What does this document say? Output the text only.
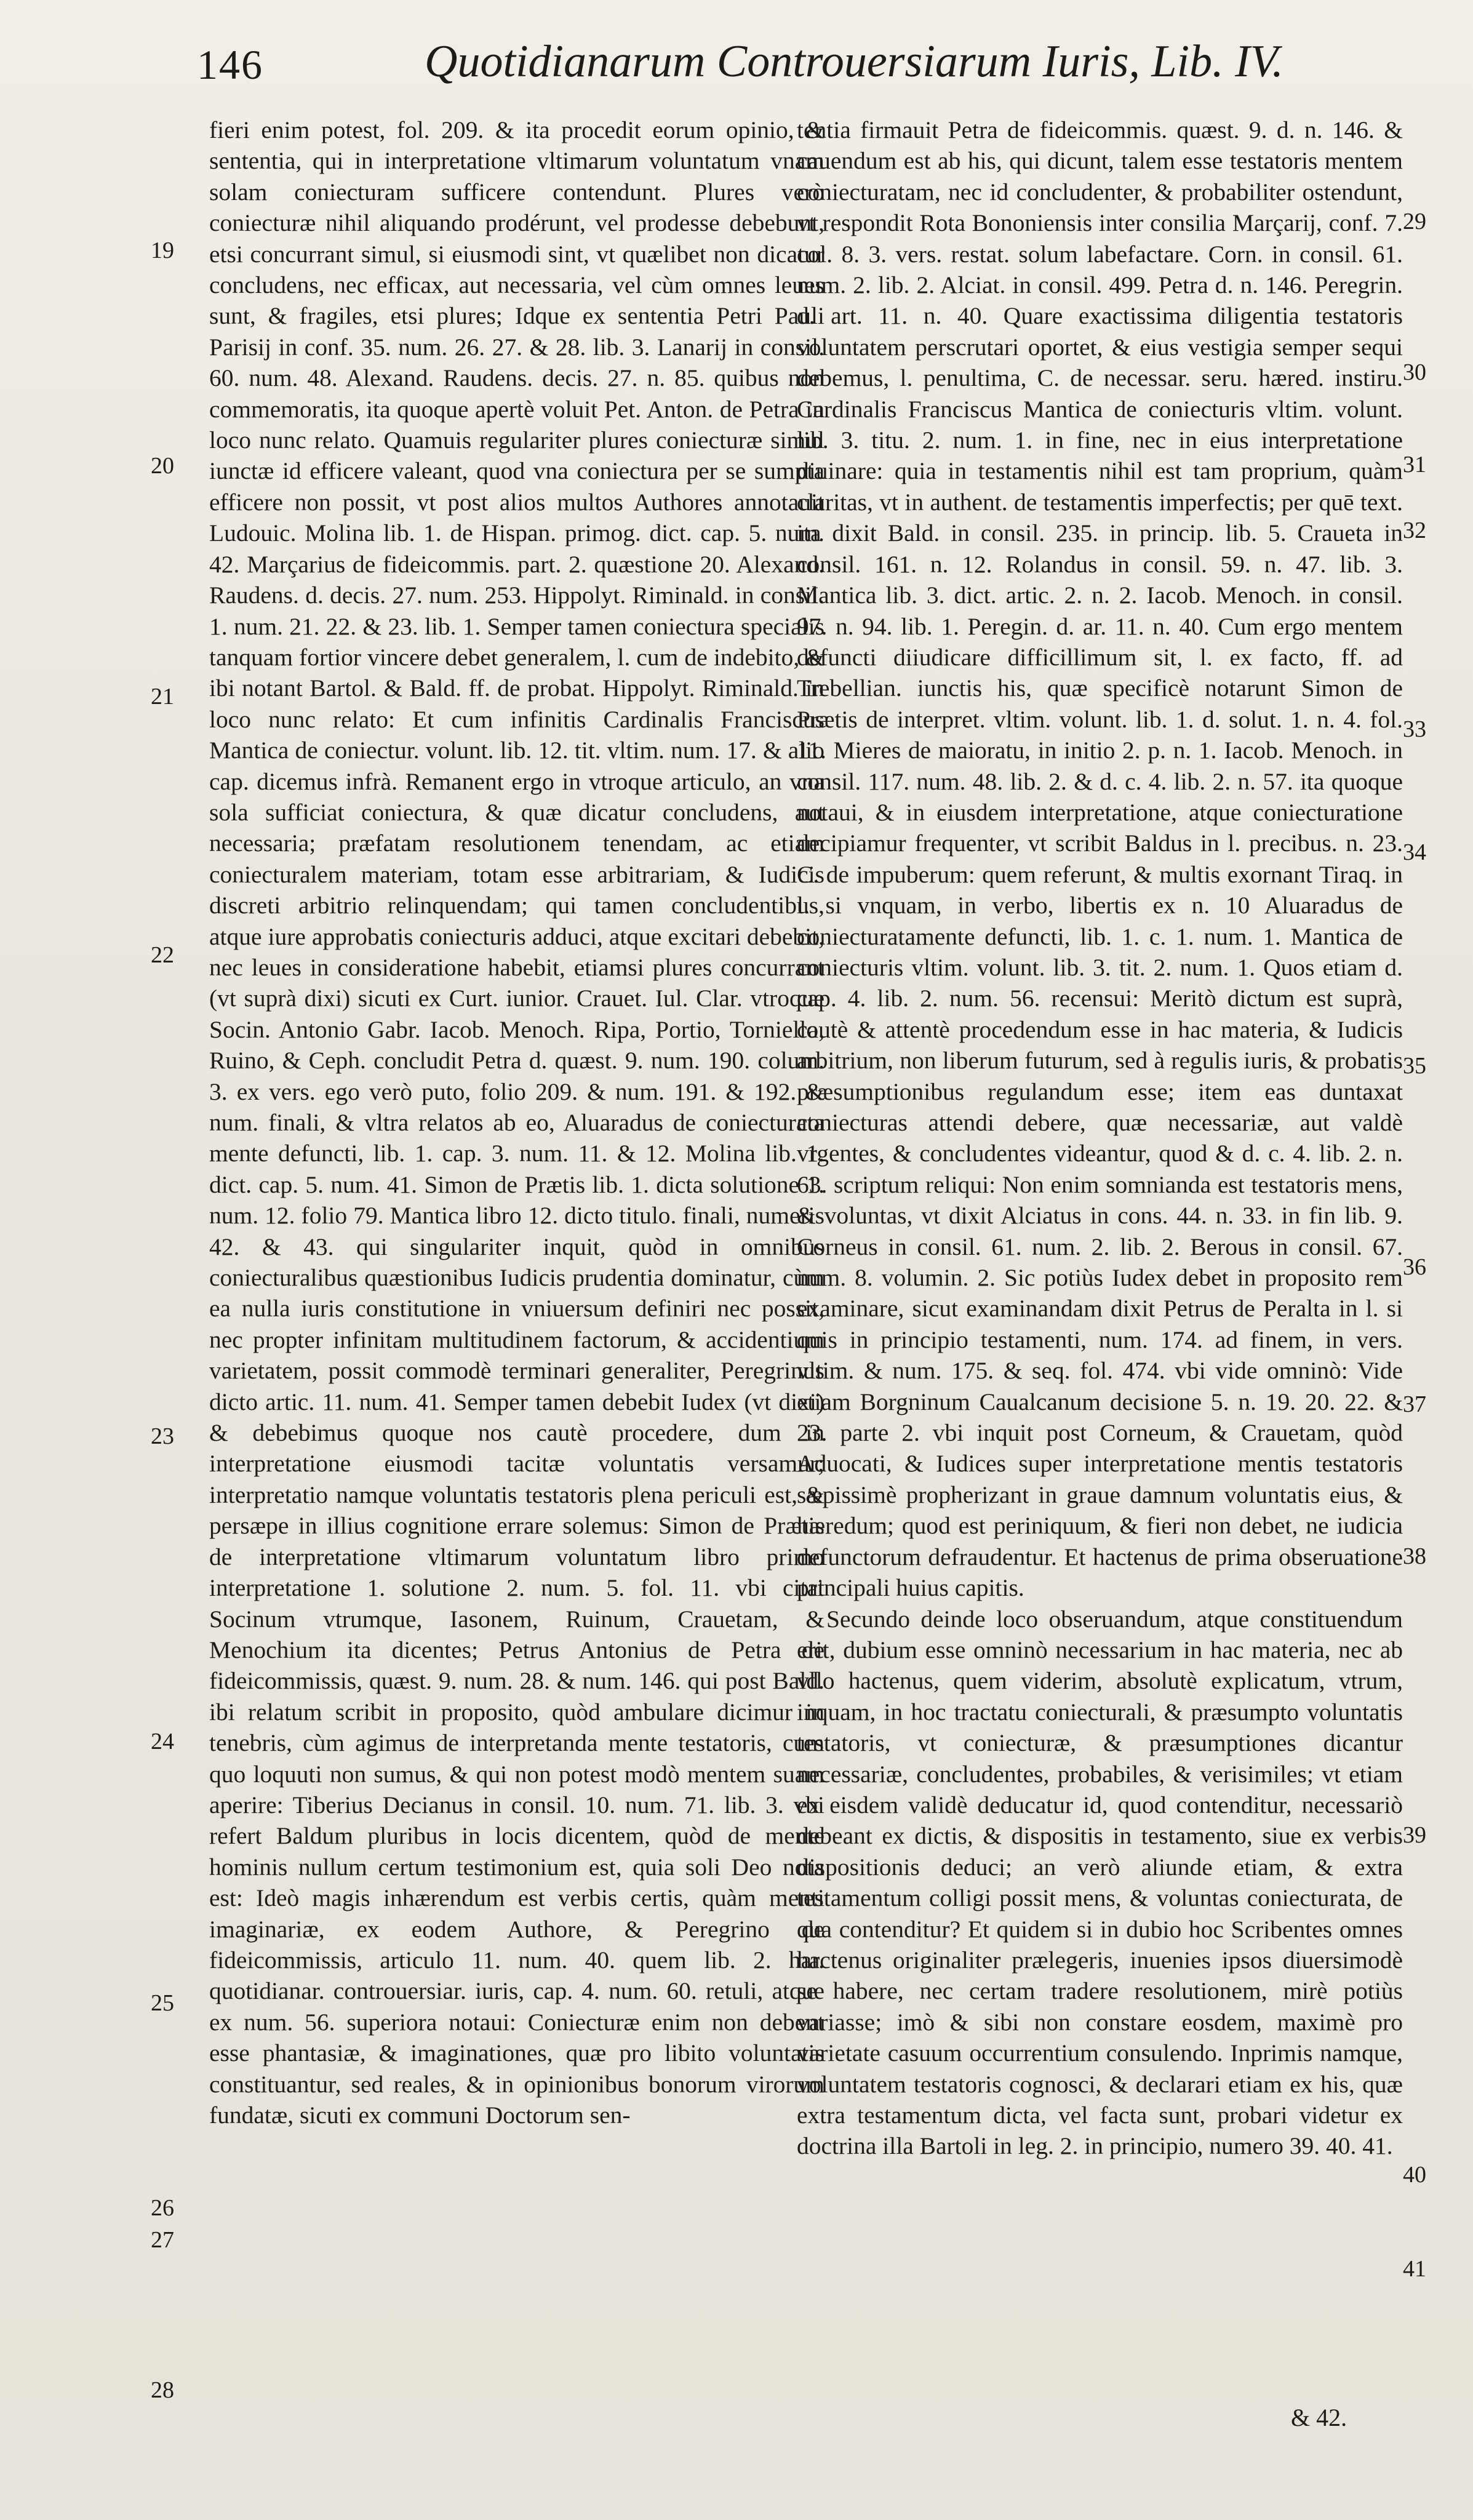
146	Quotidianarum Controuersiarum Iuris, Lib. IV.
19
20
21
22
23
24
25
26
27
28

fieri enim potest, fol. 209. & ita procedit eorum opinio, & sententia, qui in interpretatione vltimarum voluntatum vnam solam coniecturam sufficere contendunt. Plures verò coniecturæ nihil aliquando prodérunt, vel prodesse debebunt, etsi concurrant simul, si eiusmodi sint, vt quælibet non dicatur concludens, nec efficax, aut necessaria, vel cùm omnes leues sunt, & fragiles, etsi plures; Idque ex sententia Petri Pauli Parisij in conf. 35. num. 26. 27. & 28. lib. 3. Lanarij in consil. 60. num. 48. Alexand. Raudens. decis. 27. n. 85. quibus non commemoratis, ita quoque apertè voluit Pet. Anton. de Petra in loco nunc relato. Quamuis regulariter plures coniecturæ simul iunctæ id efficere valeant, quod vna coniectura per se sumpta efficere non possit, vt post alios multos Authores annotauit Ludouic. Molina lib. 1. de Hispan. primog. dict. cap. 5. num. 42. Marçarius de fideicommis. part. 2. quæstione 20. Alexand. Raudens. d. decis. 27. num. 253. Hippolyt. Riminald. in consil. 1. num. 21. 22. & 23. lib. 1. Semper tamen coniectura specialis tanquam fortior vincere debet generalem, l. cum de indebito, & ibi notant Bartol. & Bald. ff. de probat. Hippolyt. Riminald. in loco nunc relato: Et cum infinitis Cardinalis Franciscus Mantica de coniectur. volunt. lib. 12. tit. vltim. num. 17. & alio cap. dicemus infrà. Remanent ergo in vtroque articulo, an vna sola sufficiat coniectura, & quæ dicatur concludens, aut necessaria; præfatam resolutionem tenendam, ac etiam coniecturalem materiam, totam esse arbitrariam, & Iudicis discreti arbitrio relinquendam; qui tamen concludentibus, atque iure approbatis coniecturis adduci, atque excitari debebit, nec leues in consideratione habebit, etiamsi plures concurrant (vt suprà dixi) sicuti ex Curt. iunior. Crauet. Iul. Clar. vtroque Socin. Antonio Gabr. Iacob. Menoch. Ripa, Portio, Torniello, Ruino, & Ceph. concludit Petra d. quæst. 9. num. 190. colum. 3. ex vers. ego verò puto, folio 209. & num. 191. & 192. & num. finali, & vltra relatos ab eo, Aluaradus de coniecturata mente defuncti, lib. 1. cap. 3. num. 11. & 12. Molina lib. 1. dict. cap. 5. num. 41. Simon de Prætis lib. 1. dicta solutione 1. num. 12. folio 79. Mantica libro 12. dicto titulo. finali, numeris 42. & 43. qui singulariter inquit, quòd in omnibus coniecturalibus quæstionibus Iudicis prudentia dominatur, cùm ea nulla iuris constitutione in vniuersum definiri nec possit, nec propter infinitam multitudinem factorum, & accidentium varietatem, possit commodè terminari generaliter, Peregrinus dicto artic. 11. num. 41. Semper tamen debebit Iudex (vt dixi) & debebimus quoque nos cautè procedere, dum in interpretatione eiusmodi tacitæ voluntatis versamur; interpretatio namque voluntatis testatoris plena periculi est, & persæpe in illius cognitione errare solemus: Simon de Prætis de interpretatione vltimarum voluntatum libro primo interpretatione 1. solutione 2. num. 5. fol. 11. vbi citat Socinum vtrumque, Iasonem, Ruinum, Crauetam, & Menochium ita dicentes; Petrus Antonius de Petra de fideicommissis, quæst. 9. num. 28. & num. 146. qui post Bald. ibi relatum scribit in proposito, quòd ambulare dicimur in tenebris, cùm agimus de interpretanda mente testatoris, cum quo loquuti non sumus, & qui non potest modò mentem suam aperire: Tiberius Decianus in consil. 10. num. 71. lib. 3. vbi refert Baldum pluribus in locis dicentem, quòd de mente hominis nullum certum testimonium est, quia soli Deo nota est: Ideò magis inhærendum est verbis certis, quàm menti imaginariæ, ex eodem Authore, & Peregrino de fideicommissis, articulo 11. num. 40. quem lib. 2. har. quotidianar. controuersiar. iuris, cap. 4. num. 60. retuli, atque ex num. 56. superiora notaui: Coniecturæ enim non debent esse phantasiæ, & imaginationes, quæ pro libito voluntatis constituantur, sed reales, & in opinionibus bonorum virorum fundatæ, sicuti ex communi Doctorum sen-

tentia firmauit Petra de fideicommis. quæst. 9. d. n. 146. & cauendum est ab his, qui dicunt, talem esse testatoris mentem coniecturatam, nec id concludenter, & probabiliter ostendunt, vt respondit Rota Bononiensis inter consilia Marçarij, conf. 7. col. 8. 3. vers. restat. solum labefactare. Corn. in consil. 61. num. 2. lib. 2. Alciat. in consil. 499. Petra d. n. 146. Peregrin. d. art. 11. n. 40. Quare exactissima diligentia testatoris voluntatem perscrutari oportet, & eius vestigia semper sequi debemus, l. penultima, C. de necessar. seru. hæred. instiru. Cardinalis Franciscus Mantica de coniecturis vltim. volunt. lib. 3. titu. 2. num. 1. in fine, nec in eius interpretatione diuinare: quia in testamentis nihil est tam proprium, quàm claritas, vt in authent. de testamentis imperfectis; per quē text. ita dixit Bald. in consil. 235. in princip. lib. 5. Craueta in consil. 161. n. 12. Rolandus in consil. 59. n. 47. lib. 3. Mantica lib. 3. dict. artic. 2. n. 2. Iacob. Menoch. in consil. 97. n. 94. lib. 1. Peregin. d. ar. 11. n. 40. Cum ergo mentem defuncti diiudicare difficillimum sit, l. ex facto, ff. ad Trebellian. iunctis his, quæ specificè notarunt Simon de Prætis de interpret. vltim. volunt. lib. 1. d. solut. 1. n. 4. fol. 11. Mieres de maioratu, in initio 2. p. n. 1. Iacob. Menoch. in consil. 117. num. 48. lib. 2. & d. c. 4. lib. 2. n. 57. ita quoque notaui, & in eiusdem interpretatione, atque coniecturatione decipiamur frequenter, vt scribit Baldus in l. precibus. n. 23. C. de impuberum: quem referunt, & multis exornant Tiraq. in l. si vnquam, in verbo, libertis ex n. 10 Aluaradus de coniecturatamente defuncti, lib. 1. c. 1. num. 1. Mantica de coniecturis vltim. volunt. lib. 3. tit. 2. num. 1. Quos etiam d. cap. 4. lib. 2. num. 56. recensui: Meritò dictum est suprà, cautè & attentè procedendum esse in hac materia, & Iudicis arbitrium, non liberum futurum, sed à regulis iuris, & probatis præsumptionibus regulandum esse; item eas duntaxat coniecturas attendi debere, quæ necessariæ, aut valdè vrgentes, & concludentes videantur, quod & d. c. 4. lib. 2. n. 63. scriptum reliqui: Non enim somnianda est testatoris mens, & voluntas, vt dixit Alciatus in cons. 44. n. 33. in fin lib. 9. Corneus in consil. 61. num. 2. lib. 2. Berous in consil. 67. num. 8. volumin. 2. Sic potiùs Iudex debet in proposito rem examinare, sicut examinandam dixit Petrus de Peralta in l. si quis in principio testamenti, num. 174. ad finem, in vers. vltim. & num. 175. & seq. fol. 474. vbi vide omninò: Vide etiam Borgninum Caualcanum decisione 5. n. 19. 20. 22. & 23. parte 2. vbi inquit post Corneum, & Crauetam, quòd Aduocati, & Iudices super interpretatione mentis testatoris sæpissimè propherizant in graue damnum voluntatis eius, & hæredum; quod est periniquum, & fieri non debet, ne iudicia defunctorum defraudentur. Et hactenus de prima obseruatione principali huius capitis.

Secundo deinde loco obseruandum, atque constituendum erit, dubium esse omninò necessarium in hac materia, nec ab vllo hactenus, quem viderim, absolutè explicatum, vtrum, inquam, in hoc tractatu coniecturali, & præsumpto voluntatis testatoris, vt coniecturæ, & præsumptiones dicantur necessariæ, concludentes, probabiles, & verisimiles; vt etiam ex eisdem validè deducatur id, quod contenditur, necessariò debeant ex dictis, & dispositis in testamento, siue ex verbis dispositionis deduci; an verò aliunde etiam, & extra testamentum colligi possit mens, & voluntas coniecturata, de qua contenditur? Et quidem si in dubio hoc Scribentes omnes hactenus originaliter prælegeris, inuenies ipsos diuersimodè se habere, nec certam tradere resolutionem, mirè potiùs variasse; imò & sibi non constare eosdem, maximè pro varietate casuum occurrentium consulendo. Inprimis namque, voluntatem testatoris cognosci, & declarari etiam ex his, quæ extra testamentum dicta, vel facta sunt, probari videtur ex doctrina illa Bartoli in leg. 2. in principio, numero 39. 40. 41.

29
30
31
32
33
34
35
36
37
38
39
40
41
& 42.
